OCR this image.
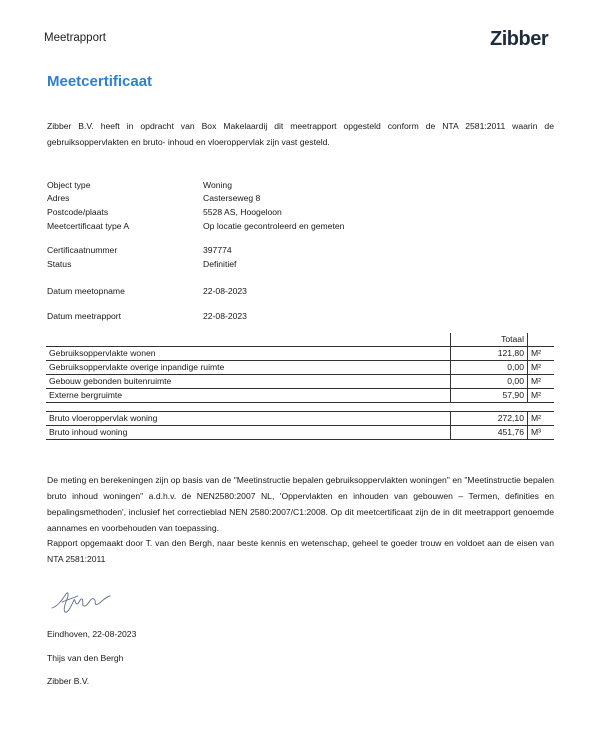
Meetrapport	Zibber
Meetcertificaat
Zibber B.V. heeft in opdracht van Box Makelaardij dit meetrapport opgesteld conform de NTA 2581:2011 waarin de gebruiksoppervlakten en bruto- inhoud en vloeroppervlak zijn vast gesteld.
Object type	Woning
Adres	Casterseweg 8
Postcode/plaats	5528 AS, Hoogeloon
Meetcertificaat type A	Op locatie gecontroleerd en gemeten
Certificaatnummer	397774
Status	Definitief
Datum meetopname	22-08-2023
Datum meetrapport	22-08-2023
	Totaal	
Gebruiksoppervlakte wonen	121,80	M²
Gebruiksoppervlakte overige inpandige ruimte	0,00	M²
Gebouw gebonden buitenruimte	0,00	M²
Externe bergruimte	57,90	M²

Bruto vloeroppervlak woning	272,10	M²
Bruto inhoud woning	451,76	M³
De meting en berekeningen zijn op basis van de "Meetinstructie bepalen gebruiksoppervlakten woningen" en "Meetinstructie bepalen bruto inhoud woningen" a.d.h.v. de NEN2580:2007 NL, 'Oppervlakten en inhouden van gebouwen – Termen, definities en bepalingsmethoden', inclusief het correctieblad NEN 2580:2007/C1:2008. Op dit meetcertificaat zijn de in dit meetrapport genoemde aannames en voorbehouden van toepassing.
Rapport opgemaakt door T. van den Bergh, naar beste kennis en wetenschap, geheel te goeder trouw en voldoet aan de eisen van NTA 2581:2011
Eindhoven, 22-08-2023
Thijs van den Bergh
Zibber B.V.
